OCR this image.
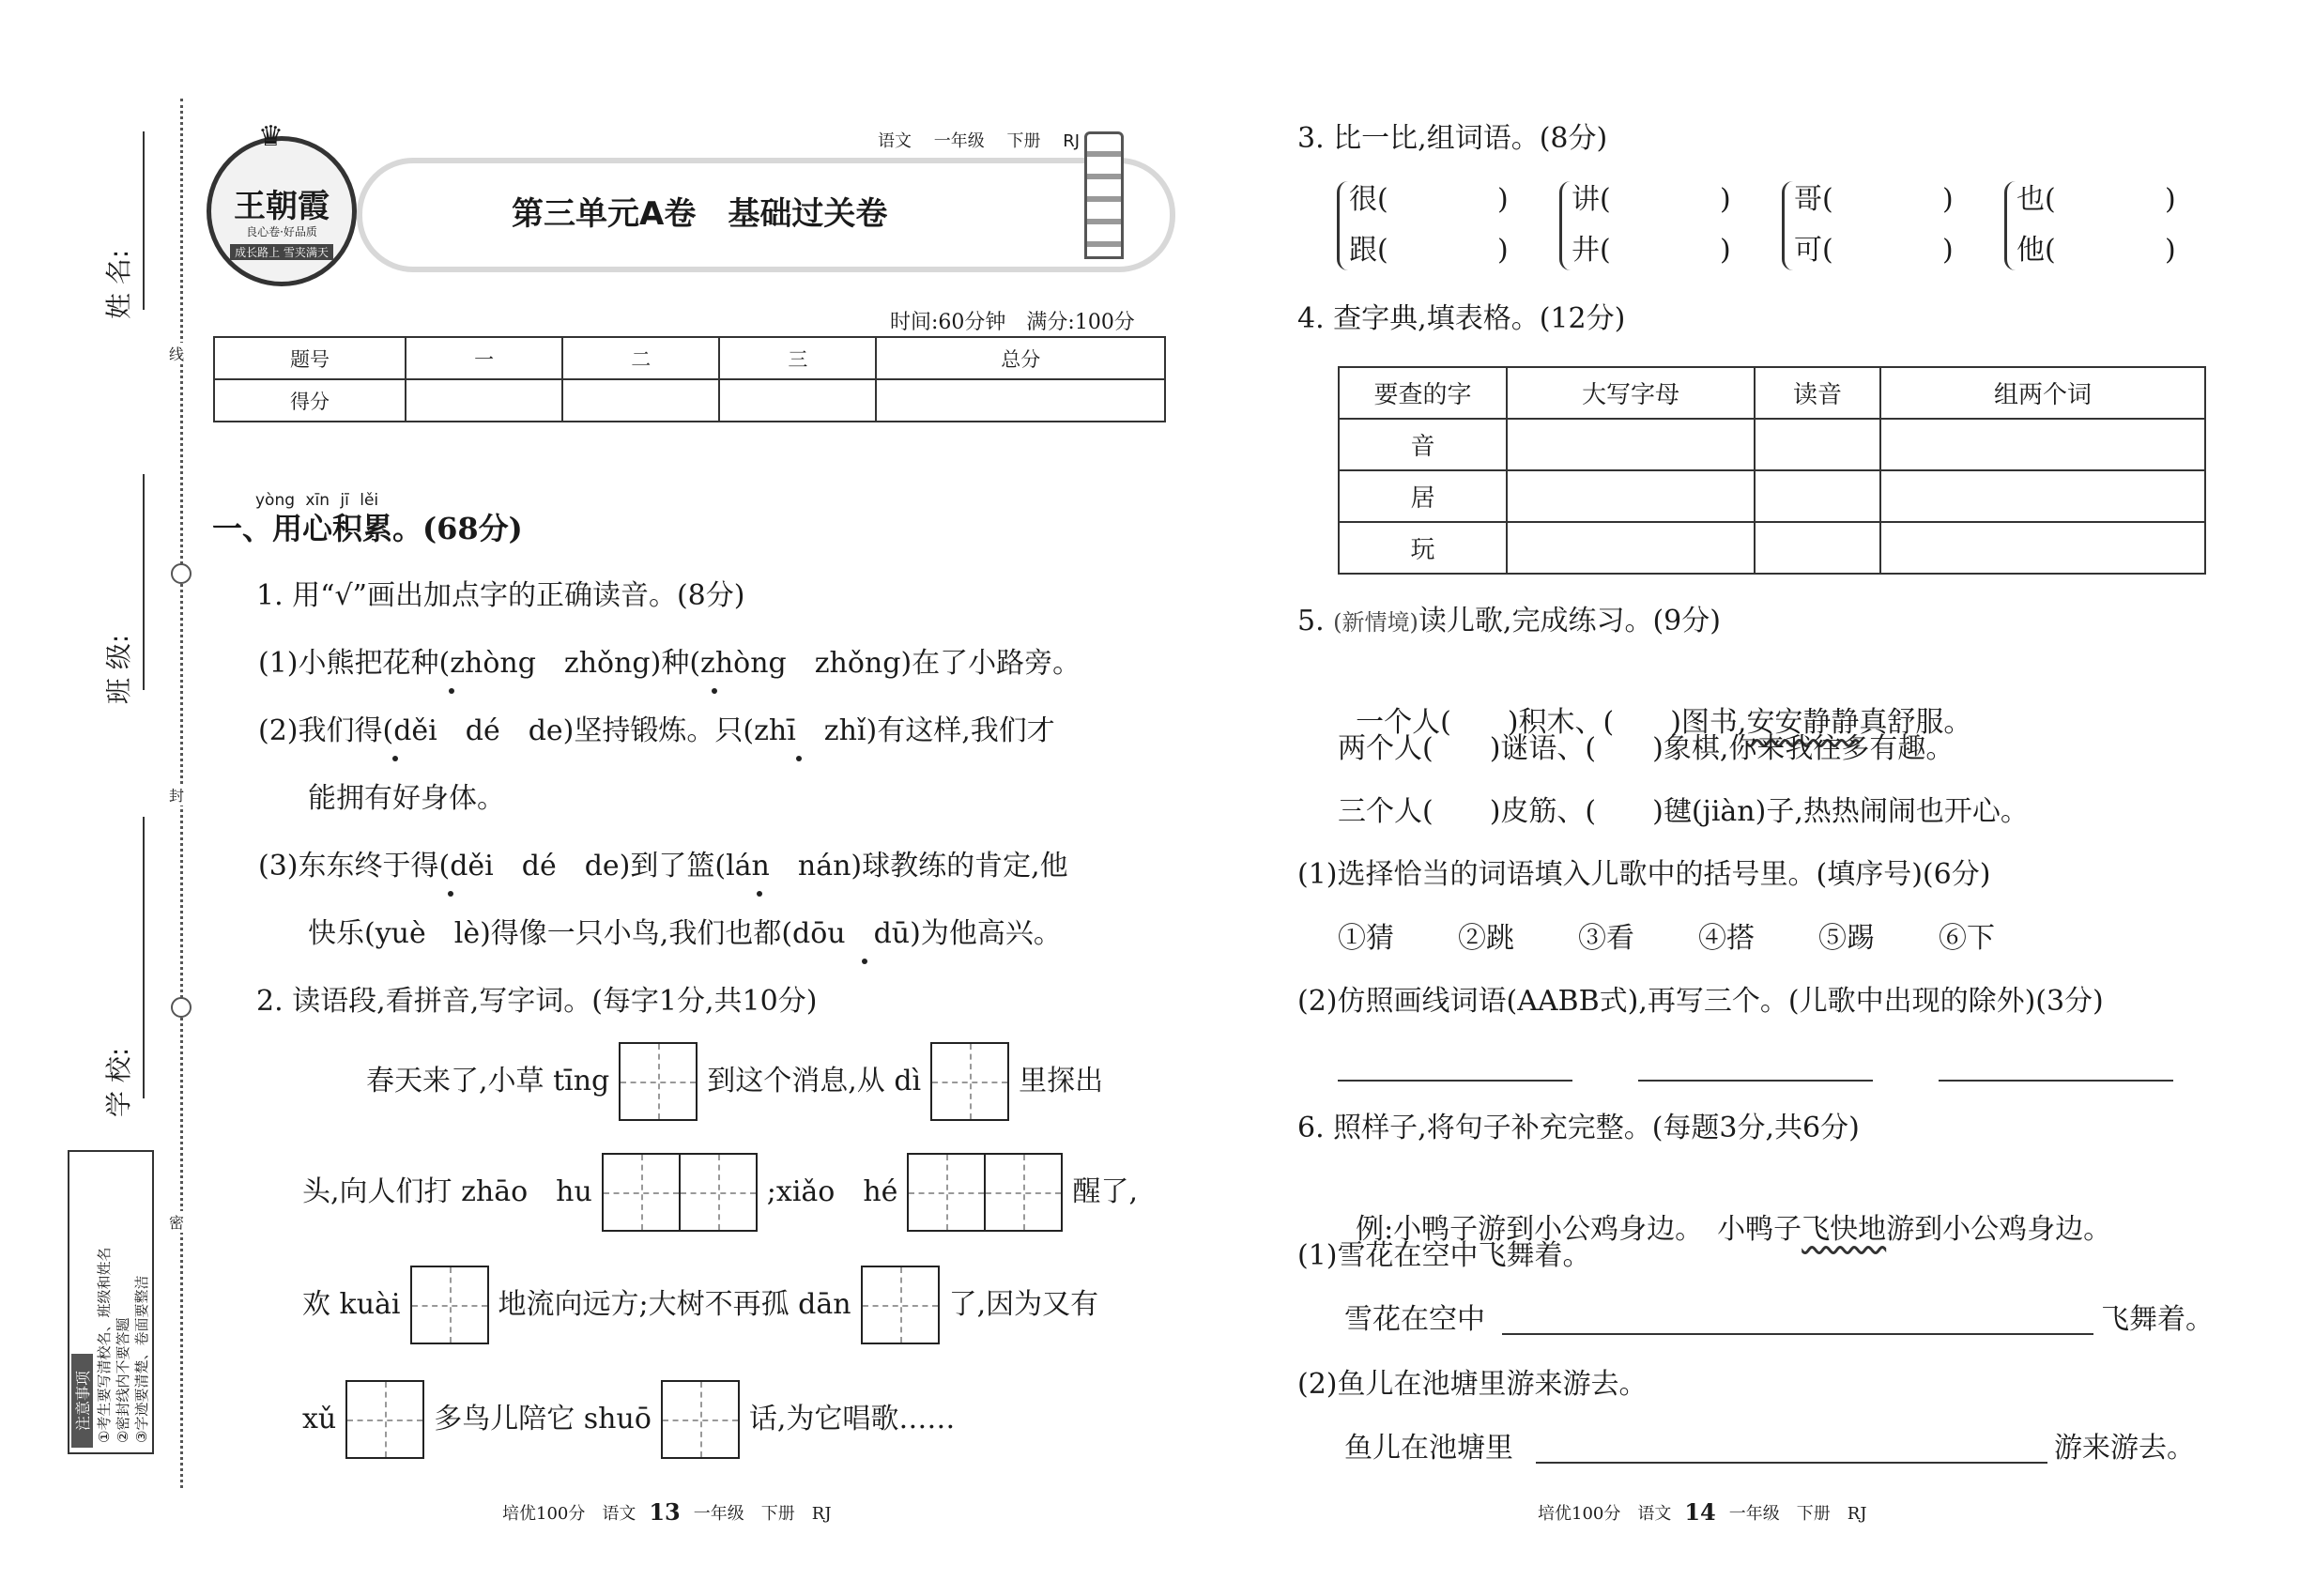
线
封
密
姓 名:
班 级:
学 校:
注意事项 ①考生要写清校名、班级和姓名 ②密封线内不要答题 ③字迹要清楚、卷面要整洁
♛
王朝霞
良心卷·好品质
成长路上 雪夹满天
语文 一年级 下册 RJ
第三单元A卷　基础过关卷
时间:60分钟　满分:100分
题号	一	二	三	总分
得分				
yòng xīn jī lěi
一、用心积累。(68分)
1. 用“√”画出加点字的正确读音。(8分)
(1)小熊把花种(zhòng　zhǒng)种(zhòng　zhǒng)在了小路旁。
(2)我们得(děi　dé　de)坚持锻炼。只(zhī　zhǐ)有这样,我们才
能拥有好身体。
(3)东东终于得(děi　dé　de)到了篮(lán　nán)球教练的肯定,他
快乐(yuè　lè)得像一只小鸟,我们也都(dōu　dū)为他高兴。
2. 读语段,看拼音,写字词。(每字1分,共10分)
春天来了,小草 tīng	到这个消息,从 dì	里探出
头,向人们打 zhāo　hu	;xiǎo　hé	醒了,
欢 kuài	地流向远方;大树不再孤 dān	了,因为又有
xǔ	多鸟儿陪它 shuō	话,为它唱歌……
培优100分　语文 13 一年级　下册　RJ
3. 比一比,组词语。(8分)
很(	)
跟(	)
讲(	)
井(	)
哥(	)
可(	)
也(	)
他(	)
4. 查字典,填表格。(12分)
要查的字	大写字母	读音	组两个词
音			
居			
玩			
5. (新情境)读儿歌,完成练习。(9分)

一个人(　　)积木、(　　)图书,安安静静真舒服。

两个人(　　)谜语、(　　)象棋,你来我往多有趣。
三个人(　　)皮筋、(　　)毽(jiàn)子,热热闹闹也开心。
(1)选择恰当的词语填入儿歌中的括号里。(填序号)(6分)
①猜 ②跳 ③看 ④搭 ⑤踢 ⑥下
(2)仿照画线词语(AABB式),再写三个。(儿歌中出现的除外)(3分)
6. 照样子,将句子补充完整。(每题3分,共6分)

例:小鸭子游到小公鸡身边。　小鸭子飞快地游到小公鸡身边。

(1)雪花在空中飞舞着。
雪花在空中	飞舞着。
(2)鱼儿在池塘里游来游去。
鱼儿在池塘里	游来游去。
培优100分　语文 14 一年级　下册　RJ
